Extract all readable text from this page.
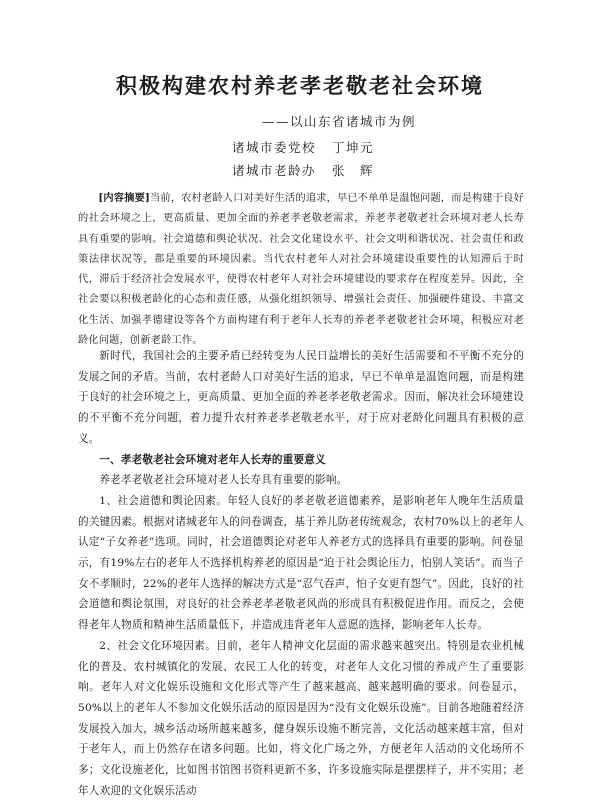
积极构建农村养老孝老敬老社会环境
——以山东省诸城市为例
诸城市委党校 丁坤元
诸城市老龄办 张　辉
[内容摘要]当前，农村老龄人口对美好生活的追求，早已不单单是温饱问题，而是构建于良好的社会环境之上，更高质量、更加全面的养老孝老敬老需求，养老孝老敬老社会环境对老人长寿具有重要的影响。社会道德和舆论状况、社会文化建设水平、社会文明和谐状况、社会责任和政策法律状况等，都是重要的环境因素。当代农村老年人对社会环境建设重要性的认知滞后于时代，滞后于经济社会发展水平，使得农村老年人对社会环境建设的要求存在程度差异。因此，全社会要以积极老龄化的心态和责任感，从强化组织领导、增强社会责任、加强硬件建设、丰富文化生活、加强孝德建设等各个方面构建有利于老年人长寿的养老孝老敬老社会环境，积极应对老龄化问题，创新老龄工作。

新时代，我国社会的主要矛盾已经转变为人民日益增长的美好生活需要和不平衡不充分的发展之间的矛盾。当前，农村老龄人口对美好生活的追求，早已不单单是温饱问题，而是构建于良好的社会环境之上，更高质量、更加全面的养老孝老敬老需求。因而，解决社会环境建设的不平衡不充分问题，着力提升农村养老孝老敬老水平，对于应对老龄化问题具有积极的意义。

一、孝老敬老社会环境对老年人长寿的重要意义

养老孝老敬老社会环境对老人长寿具有重要的影响。

1、社会道德和舆论因素。年轻人良好的孝老敬老道德素养，是影响老年人晚年生活质量的关键因素。根据对诸城老年人的问卷调查，基于养儿防老传统观念，农村70%以上的老年人认定“子女养老”选项。同时，社会道德舆论对老年人养老方式的选择具有重要的影响。问卷显示，有19%左右的老年人不选择机构养老的原因是“迫于社会舆论压力，怕别人笑话”。而当子女不孝顺时，22%的老年人选择的解决方式是“忍气吞声，怕子女更有怨气”。因此，良好的社会道德和舆论氛围，对良好的社会养老孝老敬老风尚的形成具有积极促进作用。而反之，会使得老年人物质和精神生活质量低下，并造成违背老年人意愿的选择，影响老年人长寿。

2、社会文化环境因素。目前，老年人精神文化层面的需求越来越突出。特别是农业机械化的普及、农村城镇化的发展、农民工人化的转变，对老年人文化习惯的养成产生了重要影响。老年人对文化娱乐设施和文化形式等产生了越来越高、越来越明确的要求。问卷显示，50%以上的老年人不参加文化娱乐活动的原因是因为“没有文化娱乐设施”。目前各地随着经济发展投入加大，城乡活动场所越来越多，健身娱乐设施不断完善，文化活动越来越丰富，但对于老年人，而上仍然存在诸多问题。比如，将文化广场之外，方便老年人活动的文化场所不多；文化设施老化，比如图书馆图书资料更新不多，许多设施实际是摆摆样子，并不实用；老年人欢迎的文化娱乐活动
